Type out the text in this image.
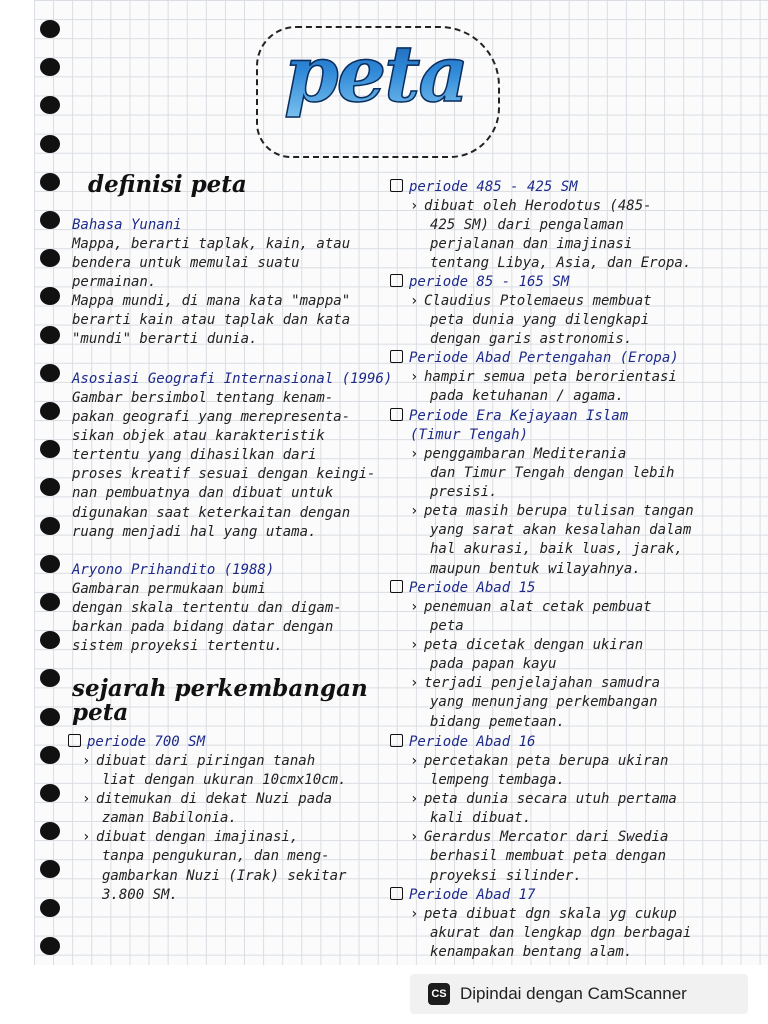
peta
definisi peta
Bahasa Yunani
Mappa, berarti taplak, kain, atau
bendera untuk memulai suatu
permainan.
Mappa mundi, di mana kata "mappa"
berarti kain atau taplak dan kata
"mundi" berarti dunia.
Asosiasi Geografi Internasional (1996)
Gambar bersimbol tentang kenam-
pakan geografi yang merepresenta-
sikan objek atau karakteristik
tertentu yang dihasilkan dari
proses kreatif sesuai dengan keingi-
nan pembuatnya dan dibuat untuk
digunakan saat keterkaitan dengan
ruang menjadi hal yang utama.
Aryono Prihandito (1988)
Gambaran permukaan bumi
dengan skala tertentu dan digam-
barkan pada bidang datar dengan
sistem proyeksi tertentu.
sejarah perkembangan
peta
periode 700 SM
› dibuat dari piringan tanah
liat dengan ukuran 10cmx10cm.
› ditemukan di dekat Nuzi pada
zaman Babilonia.
› dibuat dengan imajinasi,
tanpa pengukuran, dan meng-
gambarkan Nuzi (Irak) sekitar
3.800 SM.
periode 485 - 425 SM
› dibuat oleh Herodotus (485-
425 SM) dari pengalaman
perjalanan dan imajinasi
tentang Libya, Asia, dan Eropa.
periode 85 - 165 SM
› Claudius Ptolemaeus membuat
peta dunia yang dilengkapi
dengan garis astronomis.
Periode Abad Pertengahan (Eropa)
› hampir semua peta berorientasi
pada ketuhanan / agama.
Periode Era Kejayaan Islam
(Timur Tengah)
› penggambaran Mediterania
dan Timur Tengah dengan lebih
presisi.
› peta masih berupa tulisan tangan
yang sarat akan kesalahan dalam
hal akurasi, baik luas, jarak,
maupun bentuk wilayahnya.
Periode Abad 15
› penemuan alat cetak pembuat
peta
› peta dicetak dengan ukiran
pada papan kayu
› terjadi penjelajahan samudra
yang menunjang perkembangan
bidang pemetaan.
Periode Abad 16
› percetakan peta berupa ukiran
lempeng tembaga.
› peta dunia secara utuh pertama
kali dibuat.
› Gerardus Mercator dari Swedia
berhasil membuat peta dengan
proyeksi silinder.
Periode Abad 17
› peta dibuat dgn skala yg cukup
akurat dan lengkap dgn berbagai
kenampakan bentang alam.
CS Dipindai dengan CamScanner
